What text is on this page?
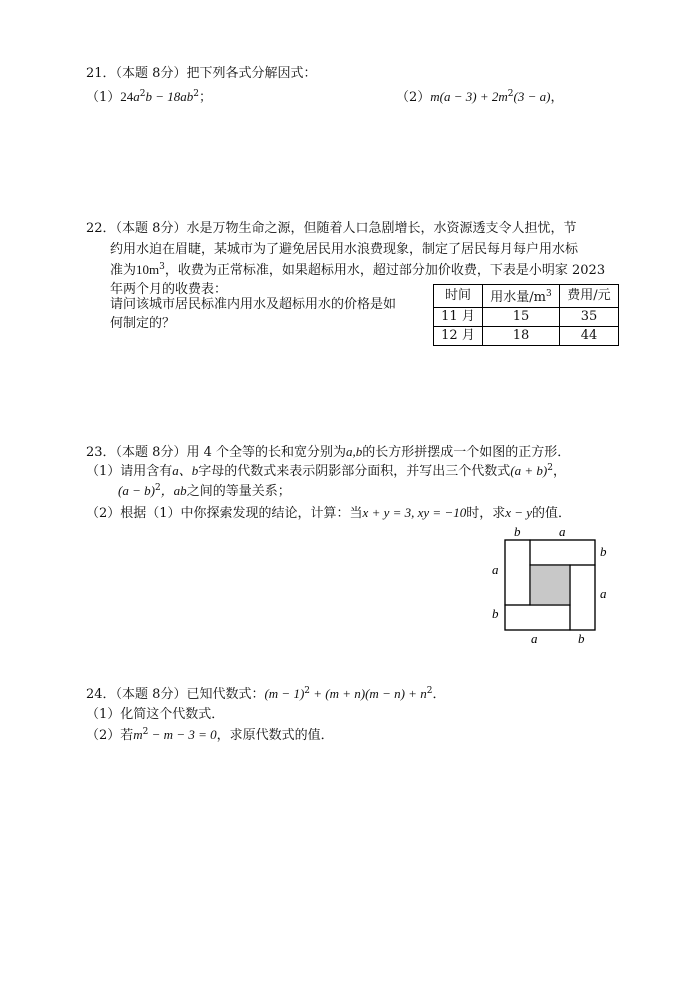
21．（本题 8分）把下列各式分解因式：
$(1)24a^2b - 18ab^2$；	$(2)m(a - 3) + 2m^2(3 - a)$，
22．（本题 8分）水是万物生命之源，但随着人口急剧增长，水资源透支令人担忧，节
约用水迫在眉睫，某城市为了避免居民用水浪费现象，制定了居民每月每户用水标
准为$10m^3$，收费为正常标准，如果超标用水，超过部分加价收费，下表是小明家 2023
年两个月的收费表：
请问该城市居民标准内用水及超标用水的价格是如
何制定的？
时间	用水量$/m^3$	费用/元
11 月	15	35
12 月	18	44
23．（本题 8分）用 4 个全等的长和宽分别为a,b的长方形拼摆成一个如图的正方形．
（1）请用含有a、b字母的代数式来表示阴影部分面积，并写出三个代数式$(a + b)^2$，
$(a - b)^2$，ab之间的等量关系；
（2）根据（1）中你探索发现的结论，计算：当x + y = 3, xy = −10时，求x − y的值．
b	a
b
a
a
b
a	b
24．（本题 8分）已知代数式：$(m - 1)^2 + (m + n)(m - n) + n^2$．
（1）化简这个代数式．
（2）若$m^2 - m - 3 = 0$，求原代数式的值．
